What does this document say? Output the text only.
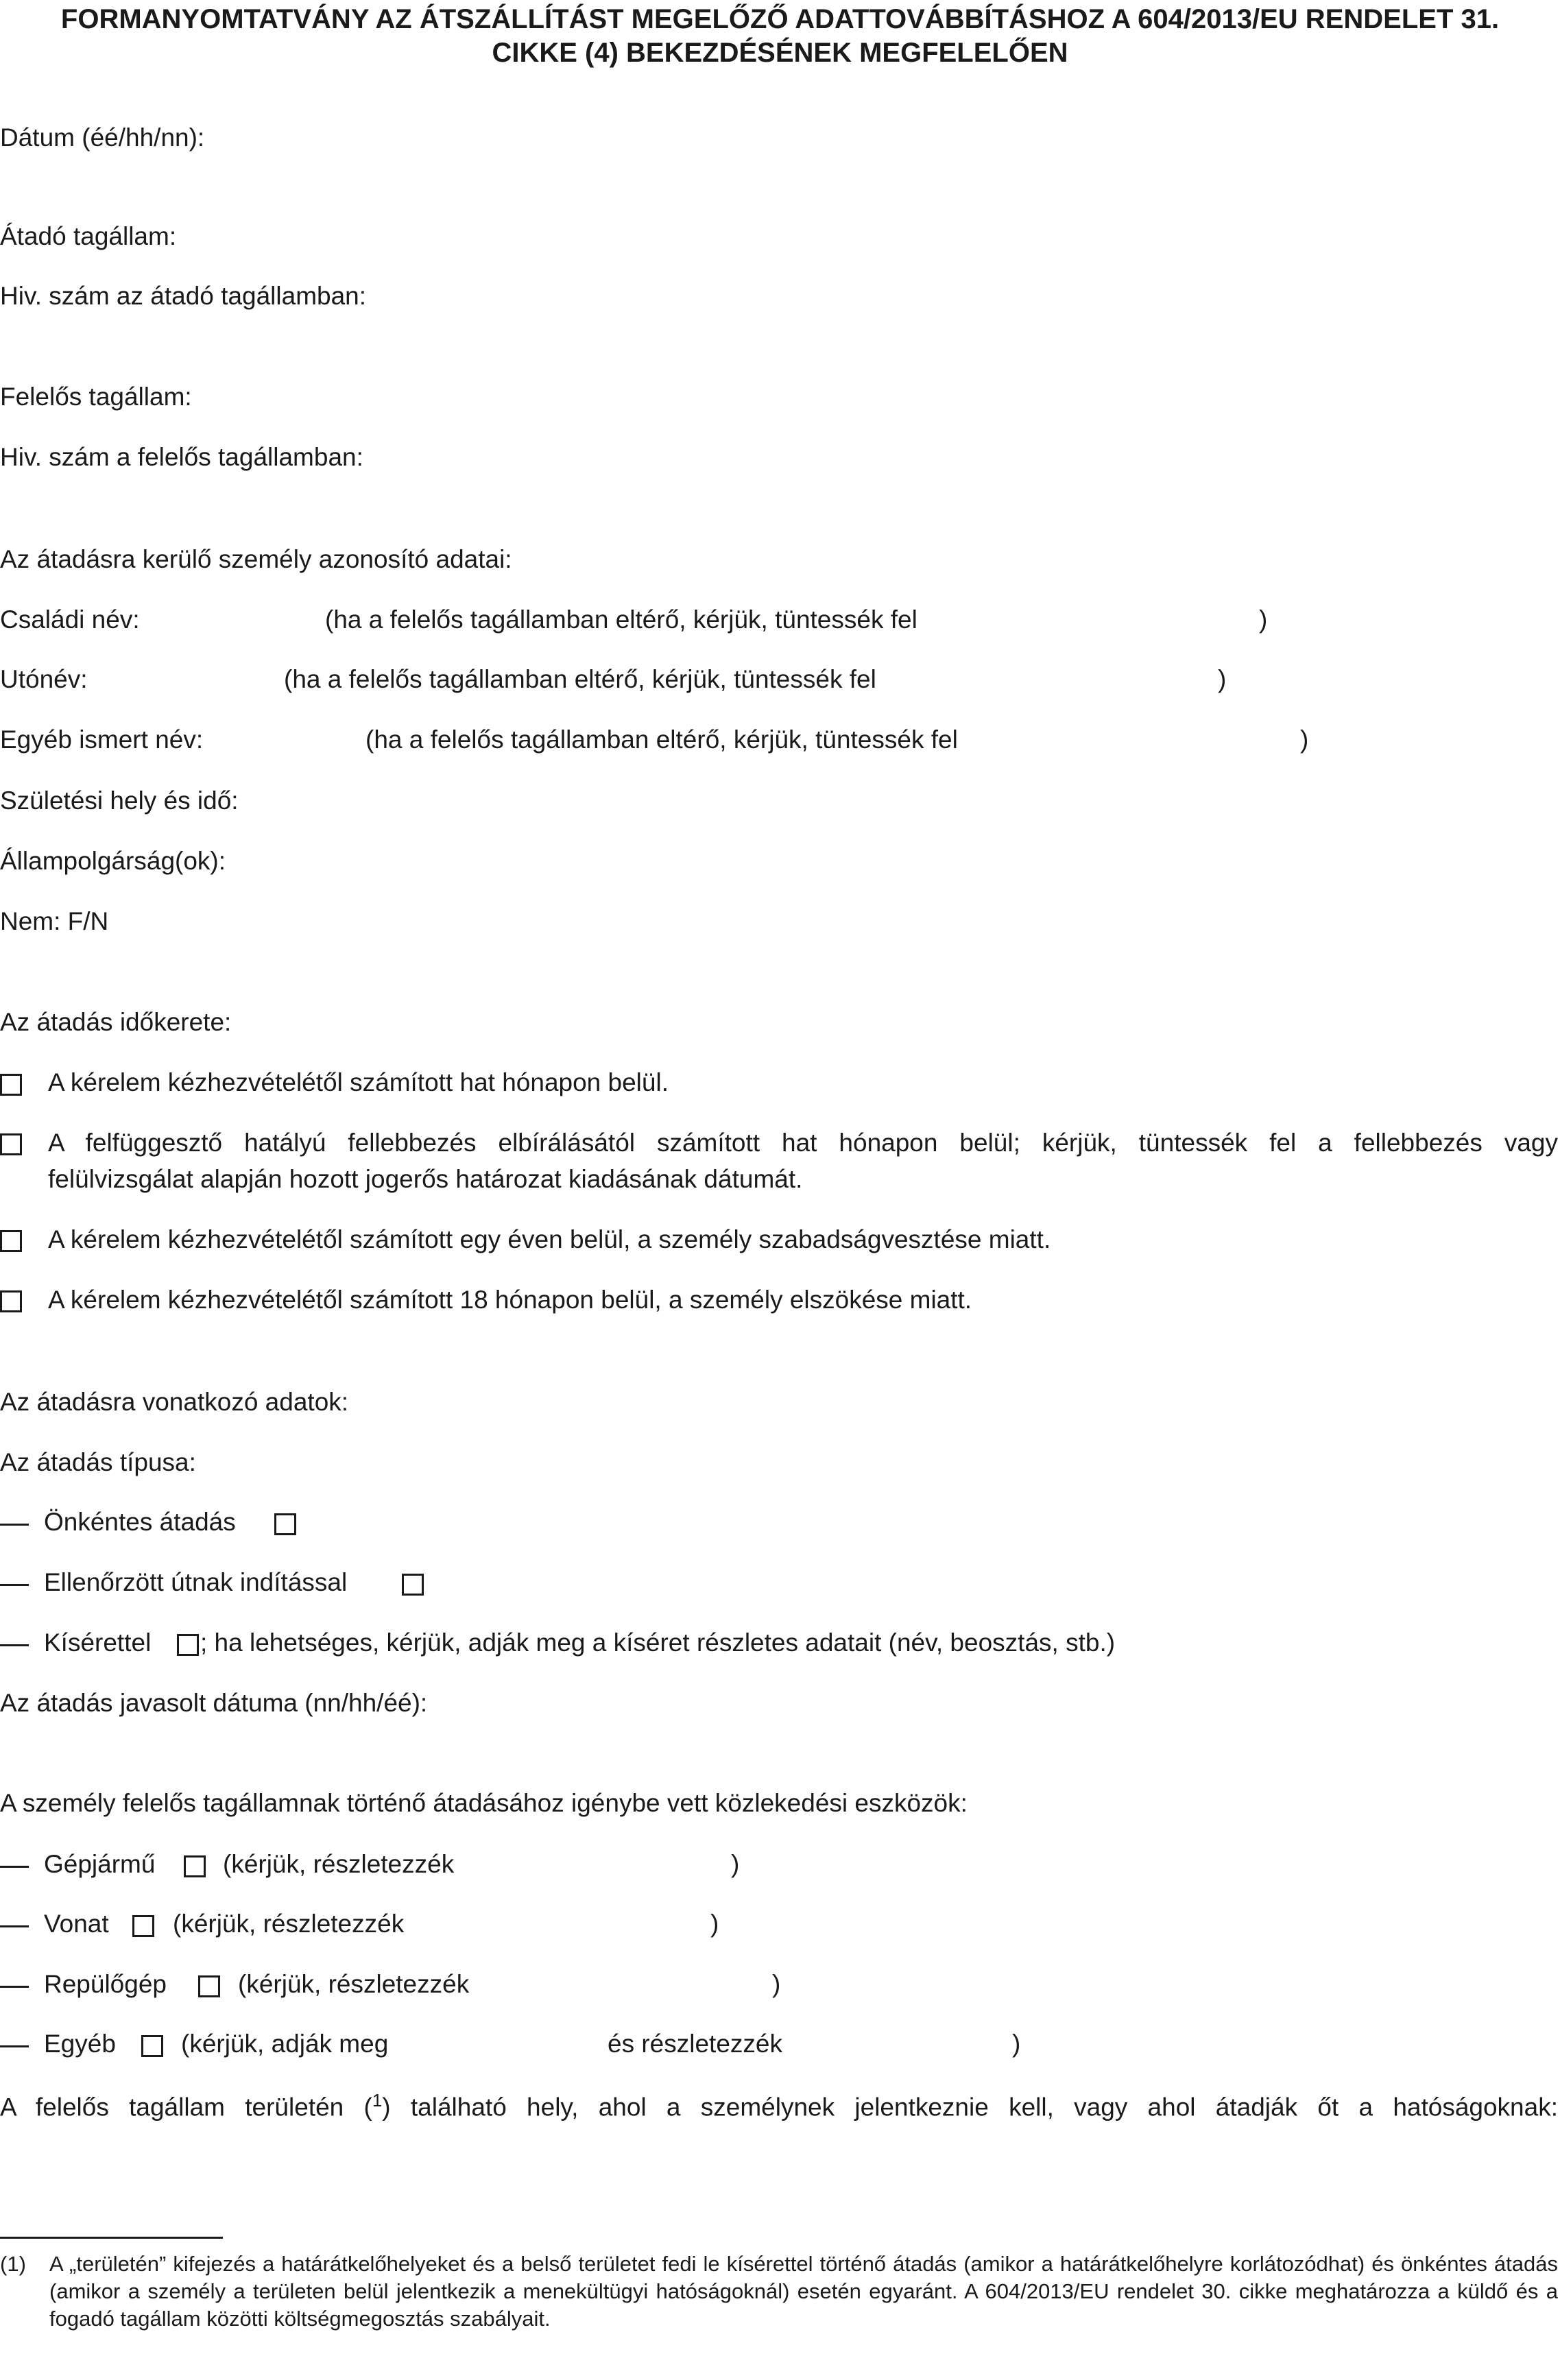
FORMANYOMTATVÁNY AZ ÁTSZÁLLÍTÁST MEGELŐZŐ ADATTOVÁBBÍTÁSHOZ A 604/2013/EU RENDELET 31.
CIKKE (4) BEKEZDÉSÉNEK MEGFELELŐEN
Dátum (éé/hh/nn):
Átadó tagállam:
Hiv. szám az átadó tagállamban:
Felelős tagállam:
Hiv. szám a felelős tagállamban:
Az átadásra kerülő személy azonosító adatai:
Családi név:	(ha a felelős tagállamban eltérő, kérjük, tüntessék fel	)
Utónév:	(ha a felelős tagállamban eltérő, kérjük, tüntessék fel	)
Egyéb ismert név:	(ha a felelős tagállamban eltérő, kérjük, tüntessék fel	)
Születési hely és idő:
Állampolgárság(ok):
Nem: F/N
Az átadás időkerete:
A kérelem kézhezvételétől számított hat hónapon belül.
A felfüggesztő hatályú fellebbezés elbírálásától számított hat hónapon belül; kérjük, tüntessék fel a fellebbezés vagy
felülvizsgálat alapján hozott jogerős határozat kiadásának dátumát.
A kérelem kézhezvételétől számított egy éven belül, a személy szabadságvesztése miatt.
A kérelem kézhezvételétől számított 18 hónapon belül, a személy elszökése miatt.
Az átadásra vonatkozó adatok:
Az átadás típusa:
Önkéntes átadás
Ellenőrzött útnak indítással
Kísérettel ; ha lehetséges, kérjük, adják meg a kíséret részletes adatait (név, beosztás, stb.)
Az átadás javasolt dátuma (nn/hh/éé):
A személy felelős tagállamnak történő átadásához igénybe vett közlekedési eszközök:
Gépjármű	(kérjük, részletezzék	)
Vonat	(kérjük, részletezzék	)
Repülőgép	(kérjük, részletezzék	)
Egyéb	(kérjük, adják meg	és részletezzék	)
A felelős tagállam területén ($^1$) található hely, ahol a személynek jelentkeznie kell, vagy ahol átadják őt a hatóságoknak:
(1) A „területén” kifejezés a határátkelőhelyeket és a belső területet fedi le kísérettel történő átadás (amikor a határátkelőhelyre korlátozódhat) és önkéntes átadás (amikor a személy a területen belül jelentkezik a menekültügyi hatóságoknál) esetén egyaránt. A 604/2013/EU rendelet 30. cikke meghatározza a küldő és a fogadó tagállam közötti költségmegosztás szabályait.
